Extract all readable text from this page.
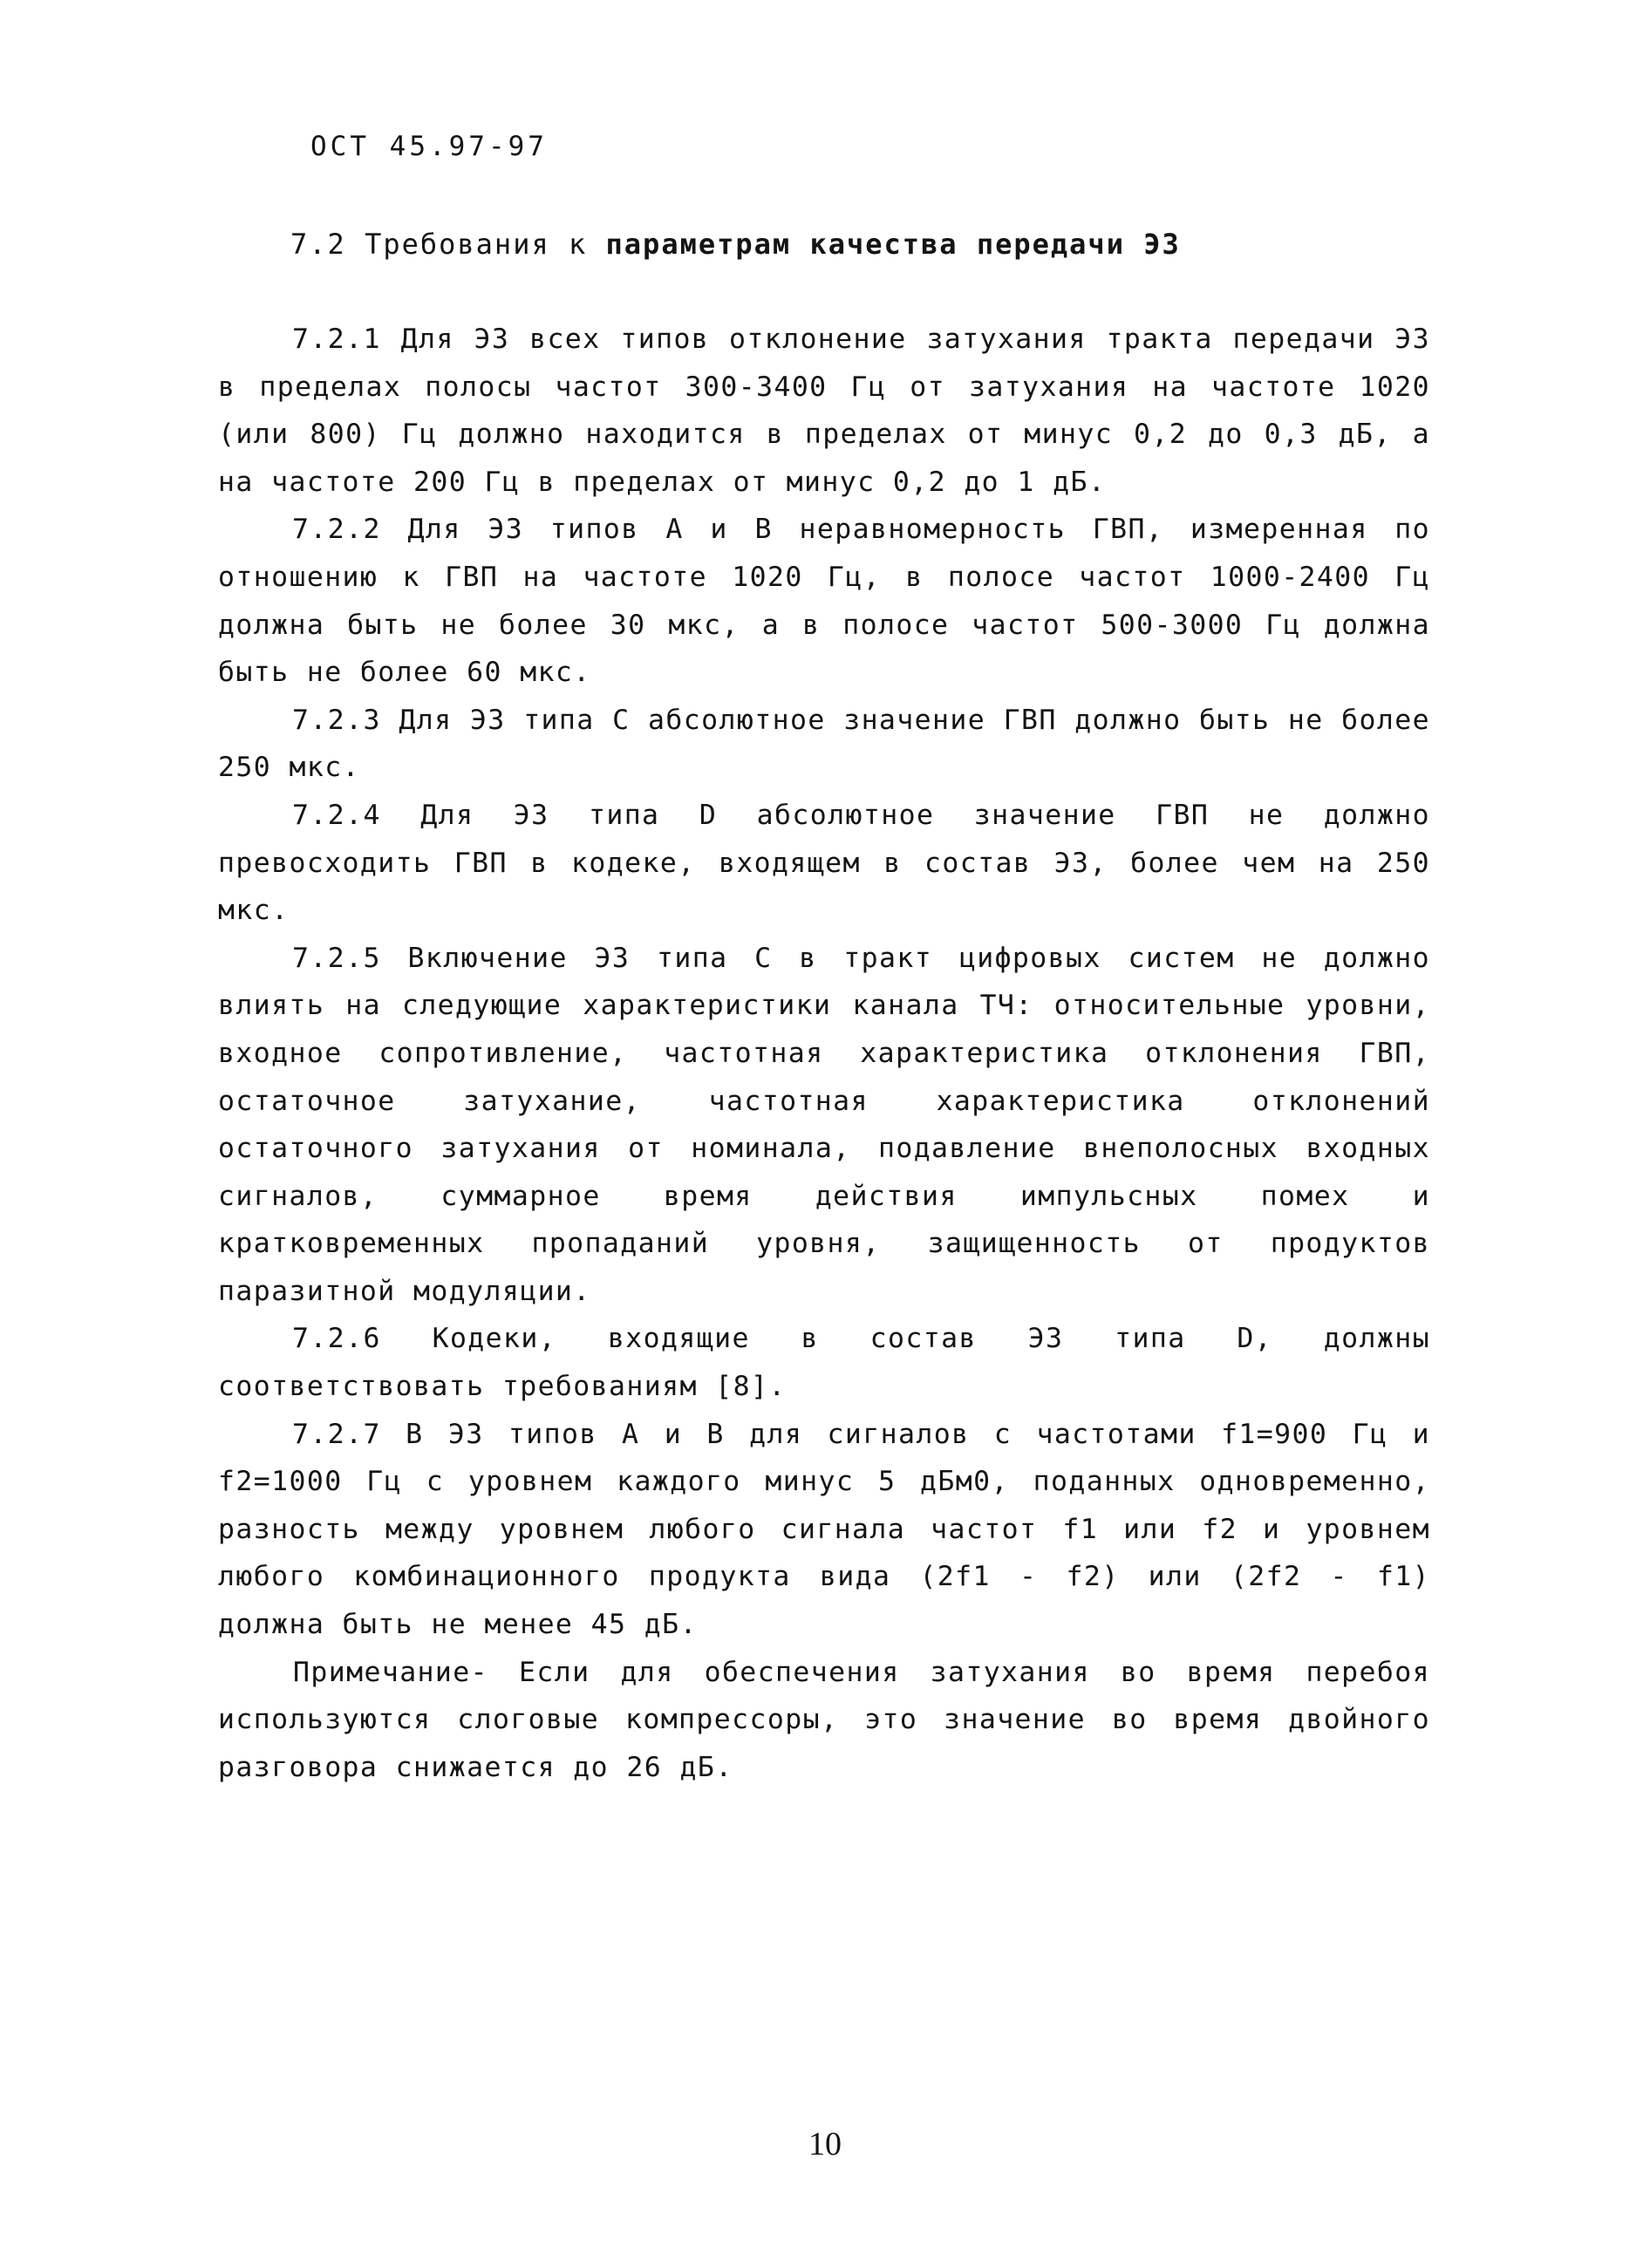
ОСТ 45.97-97
7.2 Требования к параметрам качества передачи ЭЗ

7.2.1 Для ЭЗ всех типов отклонение затухания тракта передачи ЭЗ в пределах полосы частот 300-3400 Гц от затухания на частоте 1020 (или 800) Гц должно находится в пределах от минус 0,2 до 0,3 дБ, а на частоте 200 Гц в пределах от минус 0,2 до 1 дБ.

7.2.2 Для ЭЗ типов A и B неравномерность ГВП, измеренная по отношению к ГВП на частоте 1020 Гц, в полосе частот 1000-2400 Гц должна быть не более 30 мкс, а в полосе частот 500-3000 Гц должна быть не более 60 мкс.

7.2.3 Для ЭЗ типа C абсолютное значение ГВП должно быть не более 250 мкс.

7.2.4 Для ЭЗ типа D абсолютное значение ГВП не должно превосходить ГВП в кодеке, входящем в состав ЭЗ, более чем на 250 мкс.

7.2.5 Включение ЭЗ типа C в тракт цифровых систем не должно влиять на следующие характеристики канала ТЧ: относительные уровни, входное сопротивление, частотная характеристика отклонения ГВП, остаточное затухание, частотная характеристика отклонений остаточного затухания от номинала, подавление внеполосных входных сигналов, суммарное время действия импульсных помех и кратковременных пропаданий уровня, защищенность от продуктов паразитной модуляции.

7.2.6 Кодеки, входящие в состав ЭЗ типа D, должны соответствовать требованиям [8].

7.2.7 В ЭЗ типов A и B для сигналов с частотами f1=900 Гц и f2=1000 Гц с уровнем каждого минус 5 дБм0, поданных одновременно, разность между уровнем любого сигнала частот f1 или f2 и уровнем любого комбинационного продукта вида (2f1 - f2) или (2f2 - f1) должна быть не менее 45 дБ.

Примечание- Если для обеспечения затухания во время перебоя используются слоговые компрессоры, это значение во время двойного разговора снижается до 26 дБ.

10
